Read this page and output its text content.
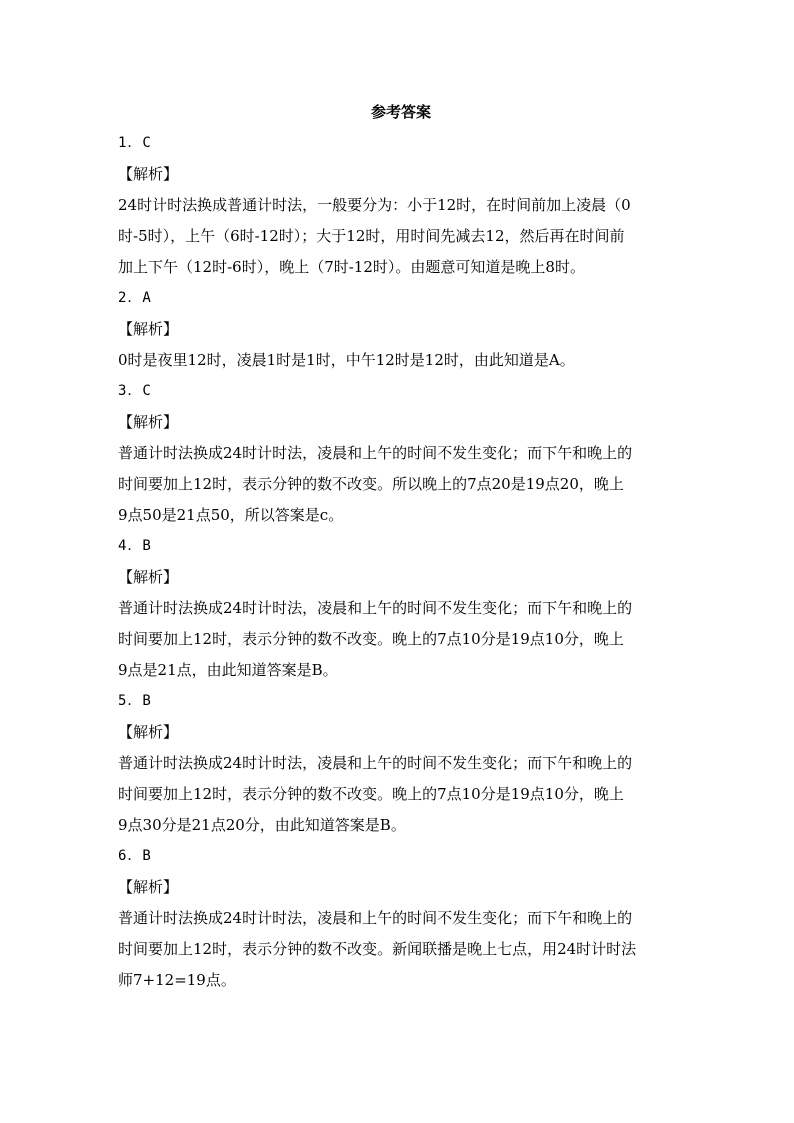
参考答案

1．C

【解析】

24时计时法换成普通计时法，一般要分为：小于12时，在时间前加上凌晨（0

时-5时），上午（6时-12时）；大于12时，用时间先减去12，然后再在时间前

加上下午（12时-6时），晚上（7时-12时）。由题意可知道是晚上8时。

2．A

【解析】

0时是夜里12时，凌晨1时是1时，中午12时是12时，由此知道是A。

3．C

【解析】

普通计时法换成24时计时法，凌晨和上午的时间不发生变化；而下午和晚上的

时间要加上12时，表示分钟的数不改变。所以晚上的7点20是19点20，晚上

9点50是21点50，所以答案是c。

4．B

【解析】

普通计时法换成24时计时法，凌晨和上午的时间不发生变化；而下午和晚上的

时间要加上12时，表示分钟的数不改变。晚上的7点10分是19点10分，晚上

9点是21点，由此知道答案是B。

5．B

【解析】

普通计时法换成24时计时法，凌晨和上午的时间不发生变化；而下午和晚上的

时间要加上12时，表示分钟的数不改变。晚上的7点10分是19点10分，晚上

9点30分是21点20分，由此知道答案是B。

6．B

【解析】

普通计时法换成24时计时法，凌晨和上午的时间不发生变化；而下午和晚上的

时间要加上12时，表示分钟的数不改变。新闻联播是晚上七点，用24时计时法

师7+12=19点。
